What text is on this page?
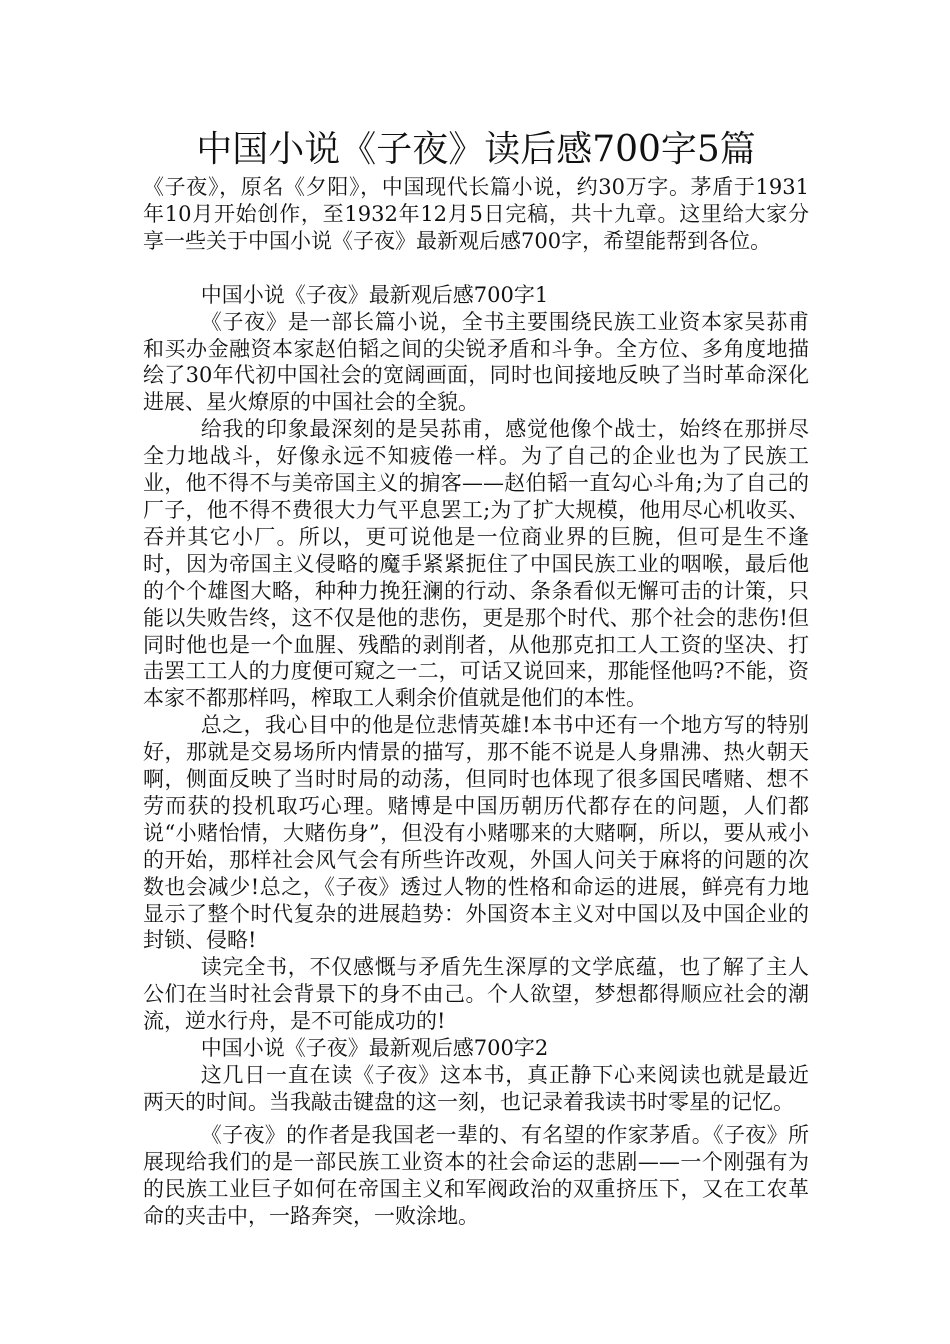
中国小说《子夜》读后感700字5篇

《子夜》，原名《夕阳》，中国现代长篇小说，约30万字。茅盾于1931年10月开始创作，至1932年12月5日完稿，共十九章。这里给大家分享一些关于中国小说《子夜》最新观后感700字，希望能帮到各位。

中国小说《子夜》最新观后感700字1

《子夜》是一部长篇小说，全书主要围绕民族工业资本家吴荪甫和买办金融资本家赵伯韬之间的尖锐矛盾和斗争。全方位、多角度地描绘了30年代初中国社会的宽阔画面，同时也间接地反映了当时革命深化进展、星火燎原的中国社会的全貌。

给我的印象最深刻的是吴荪甫，感觉他像个战士，始终在那拼尽全力地战斗，好像永远不知疲倦一样。为了自己的企业也为了民族工业，他不得不与美帝国主义的掮客——赵伯韬一直勾心斗角;为了自己的厂子，他不得不费很大力气平息罢工;为了扩大规模，他用尽心机收买、吞并其它小厂。所以，更可说他是一位商业界的巨腕，但可是生不逢时，因为帝国主义侵略的魔手紧紧扼住了中国民族工业的咽喉，最后他的个个雄图大略，种种力挽狂澜的行动、条条看似无懈可击的计策，只能以失败告终，这不仅是他的悲伤，更是那个时代、那个社会的悲伤!但同时他也是一个血腥、残酷的剥削者，从他那克扣工人工资的坚决、打击罢工工人的力度便可窥之一二，可话又说回来，那能怪他吗?不能，资本家不都那样吗，榨取工人剩余价值就是他们的本性。

总之，我心目中的他是位悲情英雄!本书中还有一个地方写的特别好，那就是交易场所内情景的描写，那不能不说是人身鼎沸、热火朝天啊，侧面反映了当时时局的动荡，但同时也体现了很多国民嗜赌、想不劳而获的投机取巧心理。赌博是中国历朝历代都存在的问题，人们都说“小赌怡情，大赌伤身”，但没有小赌哪来的大赌啊，所以，要从戒小的开始，那样社会风气会有所些许改观，外国人问关于麻将的问题的次数也会减少!总之，《子夜》透过人物的性格和命运的进展，鲜亮有力地显示了整个时代复杂的进展趋势：外国资本主义对中国以及中国企业的封锁、侵略!

读完全书，不仅感慨与矛盾先生深厚的文学底蕴，也了解了主人公们在当时社会背景下的身不由己。个人欲望，梦想都得顺应社会的潮流，逆水行舟，是不可能成功的!

中国小说《子夜》最新观后感700字2

这几日一直在读《子夜》这本书，真正静下心来阅读也就是最近两天的时间。当我敲击键盘的这一刻，也记录着我读书时零星的记忆。

《子夜》的作者是我国老一辈的、有名望的作家茅盾。《子夜》所展现给我们的是一部民族工业资本的社会命运的悲剧——一个刚强有为的民族工业巨子如何在帝国主义和军阀政治的双重挤压下，又在工农革命的夹击中，一路奔突，一败涂地。
